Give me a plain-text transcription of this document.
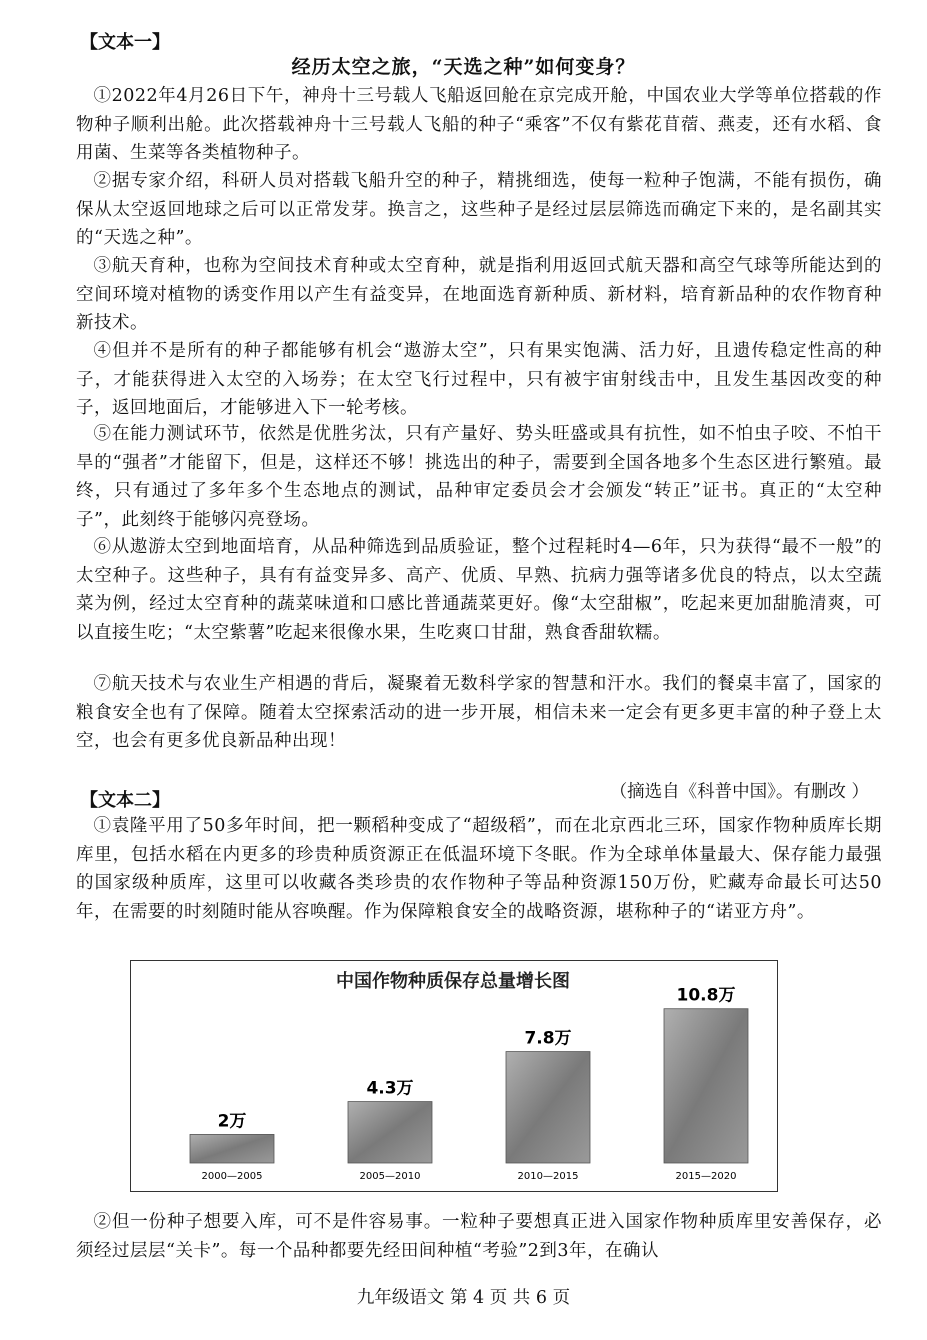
【文本一】
经历太空之旅，“天选之种”如何变身？
①2022年4月26日下午，神舟十三号载人飞船返回舱在京完成开舱，中国农业大学等单位搭载的作物种子顺利出舱。此次搭载神舟十三号载人飞船的种子“乘客”不仅有紫花苜蓿、燕麦，还有水稻、食用菌、生菜等各类植物种子。
②据专家介绍，科研人员对搭载飞船升空的种子，精挑细选，使每一粒种子饱满，不能有损伤，确保从太空返回地球之后可以正常发芽。换言之，这些种子是经过层层筛选而确定下来的，是名副其实的“天选之种”。
③航天育种，也称为空间技术育种或太空育种，就是指利用返回式航天器和高空气球等所能达到的空间环境对植物的诱变作用以产生有益变异，在地面选育新种质、新材料，培育新品种的农作物育种新技术。
④但并不是所有的种子都能够有机会“遨游太空”，只有果实饱满、活力好，且遗传稳定性高的种子，才能获得进入太空的入场券；在太空飞行过程中，只有被宇宙射线击中，且发生基因改变的种子，返回地面后，才能够进入下一轮考核。
⑤在能力测试环节，依然是优胜劣汰，只有产量好、势头旺盛或具有抗性，如不怕虫子咬、不怕干旱的“强者”才能留下，但是，这样还不够！挑选出的种子，需要到全国各地多个生态区进行繁殖。最终，只有通过了多年多个生态地点的测试，品种审定委员会才会颁发“转正”证书。真正的“太空种子”，此刻终于能够闪亮登场。
⑥从遨游太空到地面培育，从品种筛选到品质验证，整个过程耗时4—6年，只为获得“最不一般”的太空种子。这些种子，具有有益变异多、高产、优质、早熟、抗病力强等诸多优良的特点，以太空蔬菜为例，经过太空育种的蔬菜味道和口感比普通蔬菜更好。像“太空甜椒”，吃起来更加甜脆清爽，可以直接生吃；“太空紫薯”吃起来很像水果，生吃爽口甘甜，熟食香甜软糯。
⑦航天技术与农业生产相遇的背后，凝聚着无数科学家的智慧和汗水。我们的餐桌丰富了，国家的粮食安全也有了保障。随着太空探索活动的进一步开展，相信未来一定会有更多更丰富的种子登上太空，也会有更多优良新品种出现！
（摘选自《科普中国》。有删改 ）
【文本二】
①袁隆平用了50多年时间，把一颗稻种变成了“超级稻”，而在北京西北三环，国家作物种质库长期库里，包括水稻在内更多的珍贵种质资源正在低温环境下冬眠。作为全球单体量最大、保存能力最强的国家级种质库，这里可以收藏各类珍贵的农作物种子等品种资源150万份，贮藏寿命最长可达50年，在需要的时刻随时能从容唤醒。作为保障粮食安全的战略资源，堪称种子的“诺亚方舟”。
中国作物种质保存总量增长图
2万
2000—2005
4.3万
2005—2010
7.8万
2010—2015
10.8万
2015—2020
②但一份种子想要入库，可不是件容易事。一粒种子要想真正进入国家作物种质库里安善保存，必须经过层层“关卡”。每一个品种都要先经田间种植“考验”2到3年，在确认
九年级语文 第 4 页 共 6 页
